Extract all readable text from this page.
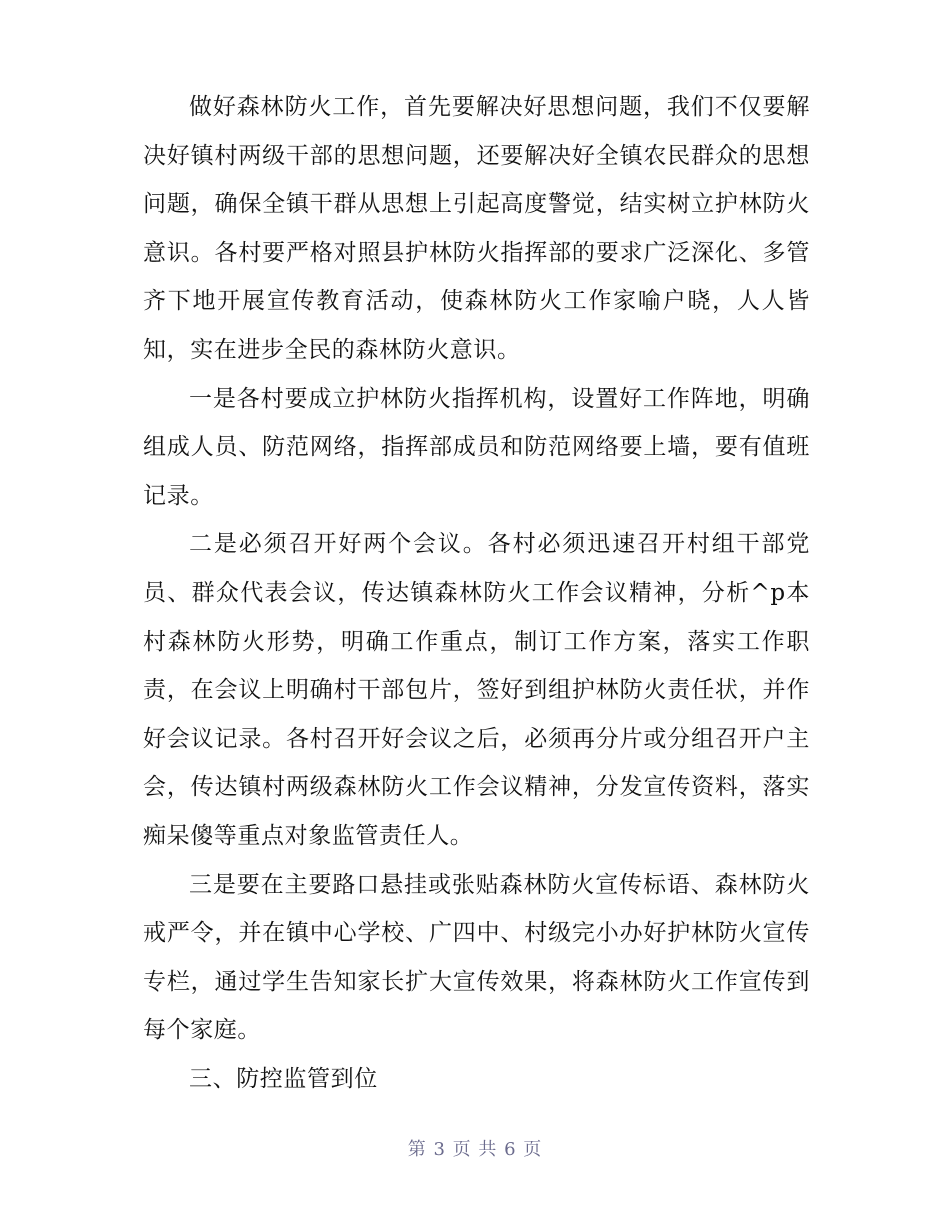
做好森林防火工作，首先要解决好思想问题，我们不仅要解决好镇村两级干部的思想问题，还要解决好全镇农民群众的思想问题，确保全镇干群从思想上引起高度警觉，结实树立护林防火意识。各村要严格对照县护林防火指挥部的要求广泛深化、多管齐下地开展宣传教育活动，使森林防火工作家喻户晓，人人皆知，实在进步全民的森林防火意识。

一是各村要成立护林防火指挥机构，设置好工作阵地，明确组成人员、防范网络，指挥部成员和防范网络要上墙，要有值班记录。

二是必须召开好两个会议。各村必须迅速召开村组干部党员、群众代表会议，传达镇森林防火工作会议精神，分析^p本村森林防火形势，明确工作重点，制订工作方案，落实工作职责，在会议上明确村干部包片，签好到组护林防火责任状，并作好会议记录。各村召开好会议之后，必须再分片或分组召开户主会，传达镇村两级森林防火工作会议精神，分发宣传资料，落实痴呆傻等重点对象监管责任人。

三是要在主要路口悬挂或张贴森林防火宣传标语、森林防火戒严令，并在镇中心学校、广四中、村级完小办好护林防火宣传专栏，通过学生告知家长扩大宣传效果，将森林防火工作宣传到每个家庭。

三、防控监管到位

第 3 页 共 6 页
